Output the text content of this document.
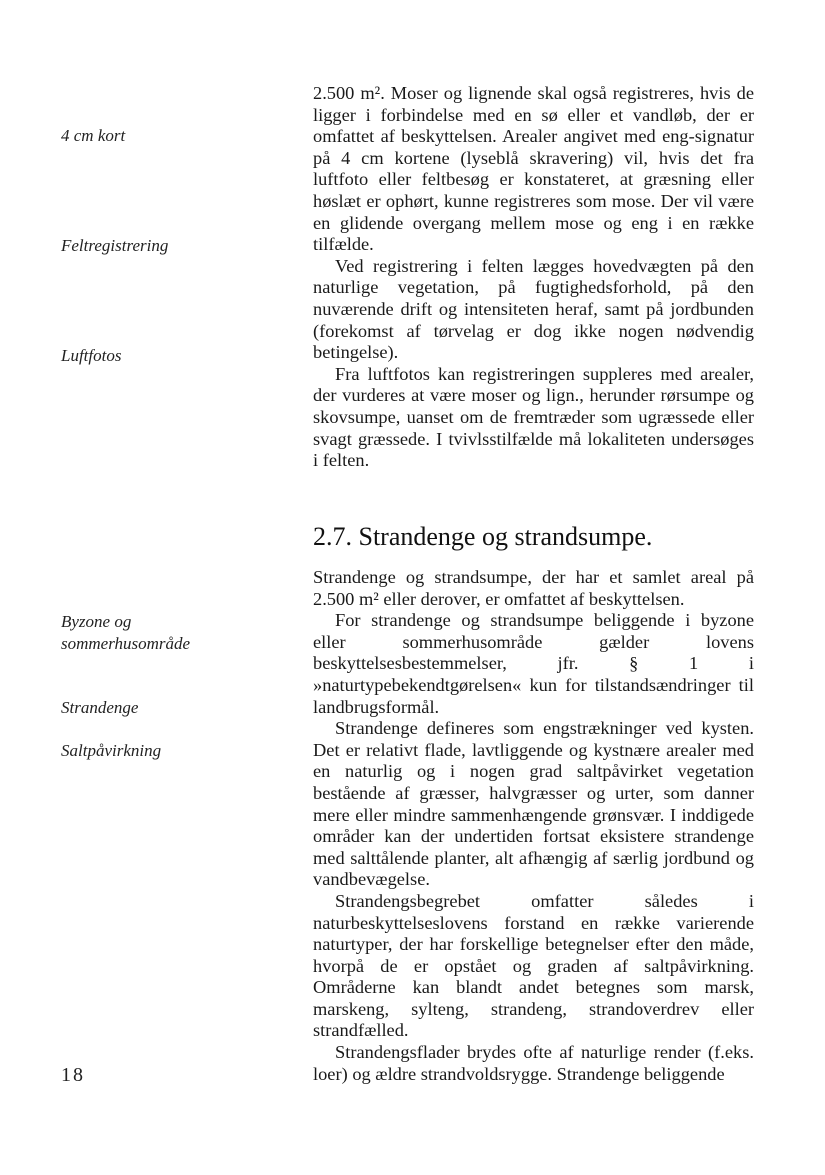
4 cm kort
Feltregistrering
Luftfotos

2.500 m². Moser og lignende skal også registreres, hvis de ligger i forbindelse med en sø eller et vandløb, der er omfattet af beskyttelsen. Arealer angivet med eng-signatur på 4 cm kortene (lyseblå skravering) vil, hvis det fra luftfoto eller feltbesøg er konstateret, at græsning eller høslæt er ophørt, kunne registreres som mose. Der vil være en glidende overgang mellem mose og eng i en række tilfælde.

Ved registrering i felten lægges hovedvægten på den naturlige vegetation, på fugtighedsforhold, på den nuværende drift og intensiteten heraf, samt på jordbunden (forekomst af tørvelag er dog ikke nogen nødvendig betingelse).

Fra luftfotos kan registreringen suppleres med arealer, der vurderes at være moser og lign., herunder rørsumpe og skovsumpe, uanset om de fremtræder som ugræssede eller svagt græssede. I tvivlsstilfælde må lokaliteten undersøges i felten.

2.7. Strandenge og strandsumpe.
Byzone og
sommerhusområde
Strandenge
Saltpåvirkning

Strandenge og strandsumpe, der har et samlet areal på 2.500 m² eller derover, er omfattet af beskyttelsen.

For strandenge og strandsumpe beliggende i byzone eller sommerhusområde gælder lovens beskyttelsesbestemmelser, jfr. § 1 i »naturtypebekendtgørelsen« kun for tilstandsændringer til landbrugsformål.

Strandenge defineres som engstrækninger ved kysten. Det er relativt flade, lavtliggende og kystnære arealer med en naturlig og i nogen grad saltpåvirket vegetation bestående af græsser, halvgræsser og urter, som danner mere eller mindre sammenhængende grønsvær. I inddigede områder kan der undertiden fortsat eksistere strandenge med salttålende planter, alt afhængig af særlig jordbund og vandbevægelse.

Strandengsbegrebet omfatter således i naturbeskyttelseslovens forstand en række varierende naturtyper, der har forskellige betegnelser efter den måde, hvorpå de er opstået og graden af saltpåvirkning. Områderne kan blandt andet betegnes som marsk, marskeng, sylteng, strandeng, strandoverdrev eller strandfælled.

Strandengsflader brydes ofte af naturlige render (f.eks. loer) og ældre strandvoldsrygge. Strandenge beliggende

18
